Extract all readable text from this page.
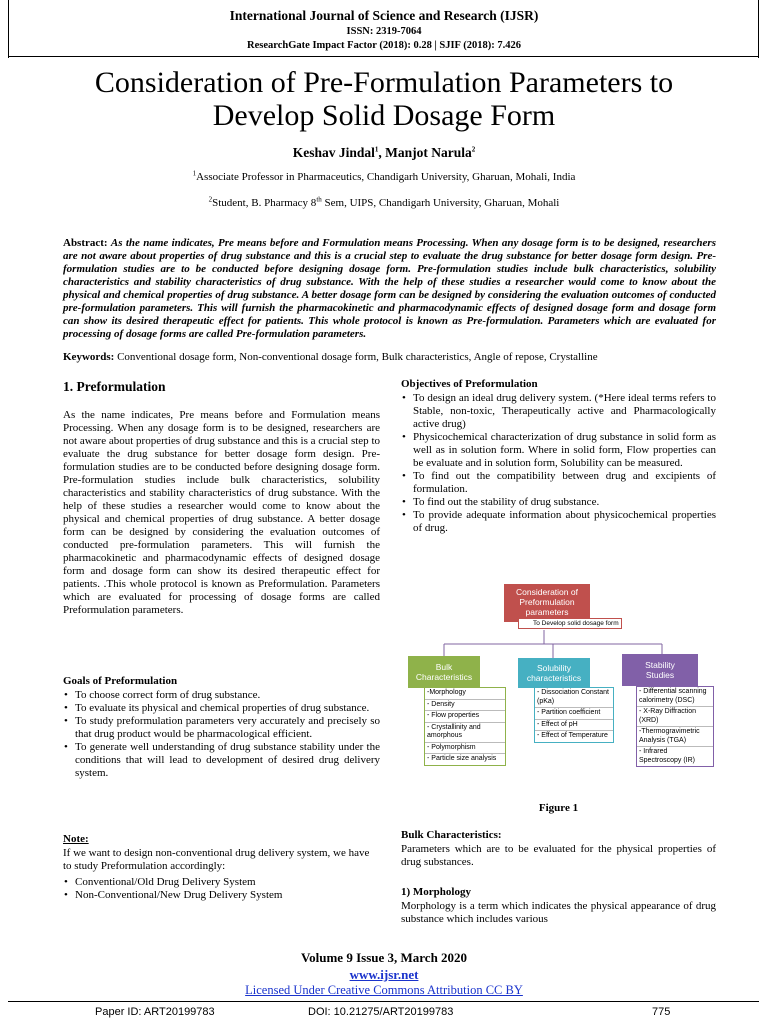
International Journal of Science and Research (IJSR)
ISSN: 2319-7064
ResearchGate Impact Factor (2018): 0.28 | SJIF (2018): 7.426
Consideration of Pre-Formulation Parameters to
Develop Solid Dosage Form
Keshav Jindal$^1$, Manjot Narula$^2$
$^1$Associate Professor in Pharmaceutics, Chandigarh University, Gharuan, Mohali, India
$^2$Student, B. Pharmacy 8th Sem, UIPS, Chandigarh University, Gharuan, Mohali
Abstract: As the name indicates, Pre means before and Formulation means Processing. When any dosage form is to be designed, researchers are not aware about properties of drug substance and this is a crucial step to evaluate the drug substance for better dosage form design. Pre-formulation studies are to be conducted before designing dosage form. Pre-formulation studies include bulk characteristics, solubility characteristics and stability characteristics of drug substance. With the help of these studies a researcher would come to know about the physical and chemical properties of drug substance. A better dosage form can be designed by considering the evaluation outcomes of conducted pre-formulation parameters. This will furnish the pharmacokinetic and pharmacodynamic effects of designed dosage form and dosage form can show its desired therapeutic effect for patients. This whole protocol is known as Pre-formulation. Parameters which are evaluated for processing of dosage forms are called Pre-formulation parameters.
Keywords: Conventional dosage form, Non-conventional dosage form, Bulk characteristics, Angle of repose, Crystalline
1. Preformulation
As the name indicates, Pre means before and Formulation means Processing. When any dosage form is to be designed, researchers are not aware about properties of drug substance and this is a crucial step to evaluate the drug substance for better dosage form design. Pre-formulation studies are to be conducted before designing dosage form. Pre-formulation studies include bulk characteristics, solubility characteristics and stability characteristics of drug substance. With the help of these studies a researcher would come to know about the physical and chemical properties of drug substance. A better dosage form can be designed by considering the evaluation outcomes of conducted pre-formulation parameters. This will furnish the pharmacokinetic and pharmacodynamic effects of designed dosage form and dosage form can show its desired therapeutic effect for patients. .This whole protocol is known as Preformulation. Parameters which are evaluated for processing of dosage forms are called Preformulation parameters.
Goals of Preformulation
• To choose correct form of drug substance.
• To evaluate its physical and chemical properties of drug substance.
• To study preformulation parameters very accurately and precisely so that drug product would be pharmacological efficient.
• To generate well understanding of drug substance stability under the conditions that will lead to development of desired drug delivery system.
Note:
If we want to design non-conventional drug delivery system, we have to study Preformulation accordingly:
• Conventional/Old Drug Delivery System
• Non-Conventional/New Drug Delivery System
Objectives of Preformulation
• To design an ideal drug delivery system. (*Here ideal terms refers to Stable, non-toxic, Therapeutically active and Pharmacologically active drug)
• Physicochemical characterization of drug substance in solid form as well as in solution form. Where in solid form, Flow properties can be evaluate and in solution form, Solubility can be measured.
• To find out the compatibility between drug and excipients of formulation.
• To find out the stability of drug substance.
• To provide adequate information about physicochemical properties of drug.
Consideration of
Preformulation
parameters
To Develop solid dosage form
Bulk
Characteristics
-Morphology
- Density
- Flow properties
- Crystallinity and amorphous
- Polymorphism
- Particle size analysis
Solubility
characteristics
- Dissociation Constant (pKa)
- Partition coefficient
- Effect of pH
- Effect of Temperature
Stability
Studies
- Differential scanning calorimetry (DSC)
- X-Ray Diffraction (XRD)
-Thermogravimetric Analysis (TGA)
- Infrared Spectroscopy (IR)
Figure 1
Bulk Characteristics:
Parameters which are to be evaluated for the physical properties of drug substances.
1) Morphology
Morphology is a term which indicates the physical appearance of drug substance which includes various
Volume 9 Issue 3, March 2020
www.ijsr.net
Licensed Under Creative Commons Attribution CC BY
Paper ID: ART20199783	DOI: 10.21275/ART20199783	775
